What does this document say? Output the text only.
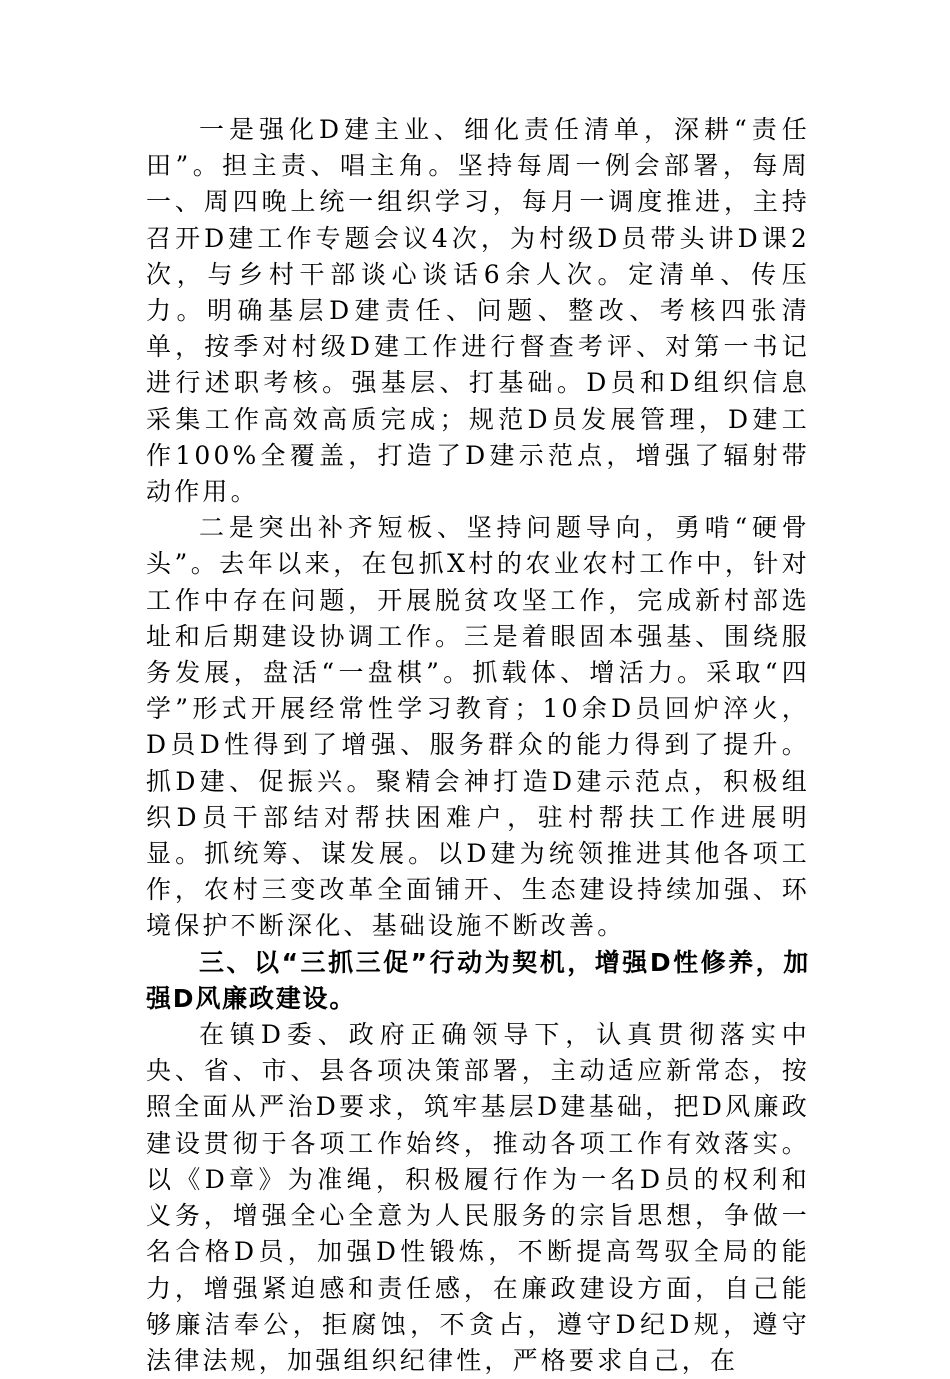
一是强化D建主业、细化责任清单，深耕“责任田”。担主责、唱主角。坚持每周一例会部署，每周一、周四晚上统一组织学习，每月一调度推进，主持召开D建工作专题会议4次，为村级D员带头讲D课2次，与乡村干部谈心谈话6余人次。定清单、传压力。明确基层D建责任、问题、整改、考核四张清单，按季对村级D建工作进行督查考评、对第一书记进行述职考核。强基层、打基础。D员和D组织信息采集工作高效高质完成；规范D员发展管理，D建工作100%全覆盖，打造了D建示范点，增强了辐射带动作用。

二是突出补齐短板、坚持问题导向，勇啃“硬骨头”。去年以来，在包抓X村的农业农村工作中，针对工作中存在问题，开展脱贫攻坚工作，完成新村部选址和后期建设协调工作。三是着眼固本强基、围绕服务发展，盘活“一盘棋”。抓载体、增活力。采取“四学”形式开展经常性学习教育；10余D员回炉淬火，D员D性得到了增强、服务群众的能力得到了提升。抓D建、促振兴。聚精会神打造D建示范点，积极组织D员干部结对帮扶困难户，驻村帮扶工作进展明显。抓统筹、谋发展。以D建为统领推进其他各项工作，农村三变改革全面铺开、生态建设持续加强、环境保护不断深化、基础设施不断改善。

三、以“三抓三促”行动为契机，增强D性修养，加强D风廉政建设。

在镇D委、政府正确领导下，认真贯彻落实中央、省、市、县各项决策部署，主动适应新常态，按照全面从严治D要求，筑牢基层D建基础，把D风廉政建设贯彻于各项工作始终，推动各项工作有效落实。以《D章》为准绳，积极履行作为一名D员的权利和义务，增强全心全意为人民服务的宗旨思想，争做一名合格D员，加强D性锻炼，不断提高驾驭全局的能力，增强紧迫感和责任感，在廉政建设方面，自己能够廉洁奉公，拒腐蚀，不贪占，遵守D纪D规，遵守法律法规，加强组织纪律性，严格要求自己，在
